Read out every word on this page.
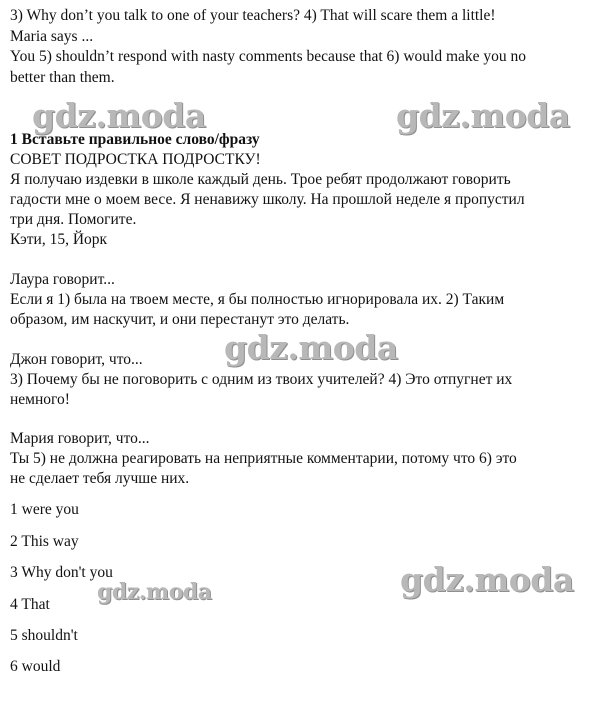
3) Why don’t you talk to one of your teachers? 4) That will scare them a little!
Maria says ...
You 5) shouldn’t respond with nasty comments because that 6) would make you no
better than them.
1 Вставьте правильное слово/фразу
СОВЕТ ПОДРОСТКА ПОДРОСТКУ!
Я получаю издевки в школе каждый день. Трое ребят продолжают говорить
гадости мне о моем весе. Я ненавижу школу. На прошлой неделе я пропустил
три дня. Помогите.
Кэти, 15, Йорк
Лаура говорит...
Если я 1) была на твоем месте, я бы полностью игнорировала их. 2) Таким
образом, им наскучит, и они перестанут это делать.
Джон говорит, что...
3) Почему бы не поговорить с одним из твоих учителей? 4) Это отпугнет их
немного!
Мария говорит, что...
Ты 5) не должна реагировать на неприятные комментарии, потому что 6) это
не сделает тебя лучше них.
1 were you
2 This way
3 Why don't you
4 That
5 shouldn't
6 would
gdz.moda	gdz.moda
gdz.moda
gdz.moda
gdz.moda
